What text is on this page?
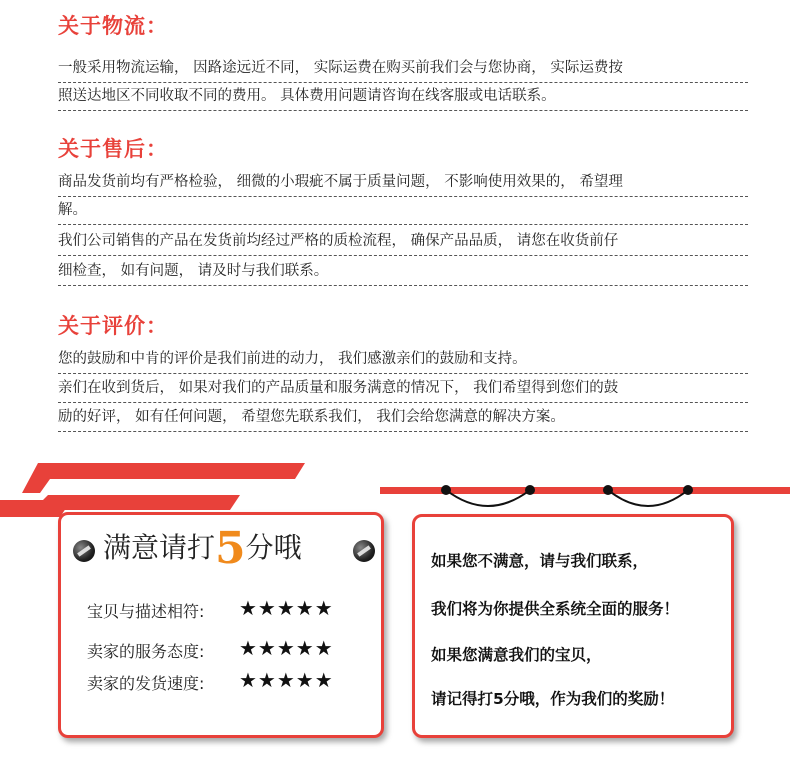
关于物流：
一般采用物流运输， 因路途远近不同， 实际运费在购买前我们会与您协商， 实际运费按
照送达地区不同收取不同的费用。 具体费用问题请咨询在线客服或电话联系。
关于售后：
商品发货前均有严格检验， 细微的小瑕疵不属于质量问题， 不影响使用效果的， 希望理
解。
我们公司销售的产品在发货前均经过严格的质检流程， 确保产品品质， 请您在收货前仔
细检查， 如有问题， 请及时与我们联系。
关于评价：
您的鼓励和中肯的评价是我们前进的动力， 我们感激亲们的鼓励和支持。
亲们在收到货后， 如果对我们的产品质量和服务满意的情况下， 我们希望得到您们的鼓
励的好评， 如有任何问题， 希望您先联系我们， 我们会给您满意的解决方案。
满意请打5分哦
宝贝与描述相符:	★★★★★
卖家的服务态度:	★★★★★
卖家的发货速度:	★★★★★
如果您不满意，请与我们联系，
我们将为你提供全系统全面的服务！
如果您满意我们的宝贝，
请记得打5分哦，作为我们的奖励！
